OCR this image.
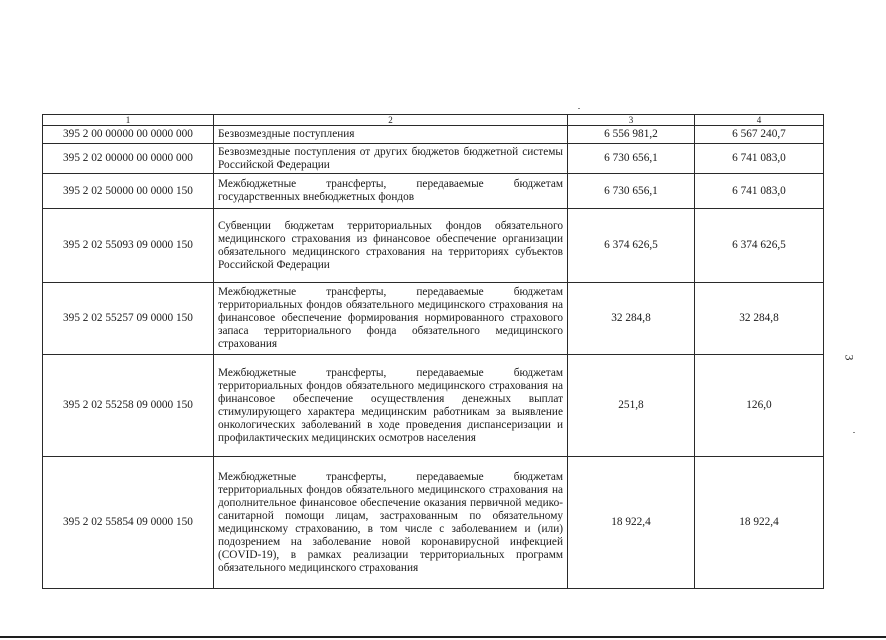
3
1	2	3	4
395 2 00 00000 00 0000 000	Безвозмездные поступления	6 556 981,2	6 567 240,7
395 2 02 00000 00 0000 000	Безвозмездные поступления от других бюджетов бюджетной системы Российской Федерации	6 730 656,1	6 741 083,0
395 2 02 50000 00 0000 150	Межбюджетные трансферты, передаваемые бюджетам государственных внебюджетных фондов	6 730 656,1	6 741 083,0
395 2 02 55093 09 0000 150	Субвенции бюджетам территориальных фондов обязательного медицинского страхования из финансовое обеспечение организации обязательного медицинского страхования на территориях субъектов Российской Федерации	6 374 626,5	6 374 626,5
395 2 02 55257 09 0000 150	Межбюджетные трансферты, передаваемые бюджетам территориальных фондов обязательного медицинского страхования на финансовое обеспечение формирования нормированного страхового запаса территориального фонда обязательного медицинского страхования	32 284,8	32 284,8
395 2 02 55258 09 0000 150	Межбюджетные трансферты, передаваемые бюджетам территориальных фондов обязательного медицинского страхования на финансовое обеспечение осуществления денежных выплат стимулирующего характера медицинским работникам за выявление онкологических заболеваний в ходе проведения диспансеризации и профилактических медицинских осмотров населения	251,8	126,0
395 2 02 55854 09 0000 150	Межбюджетные трансферты, передаваемые бюджетам территориальных фондов обязательного медицинского страхования на дополнительное финансовое обеспечение оказания первичной медико-санитарной помощи лицам, застрахованным по обязательному медицинскому страхованию, в том числе с заболеванием и (или) подозрением на заболевание новой коронавирусной инфекцией (COVID-19), в рамках реализации территориальных программ обязательного медицинского страхования	18 922,4	18 922,4
